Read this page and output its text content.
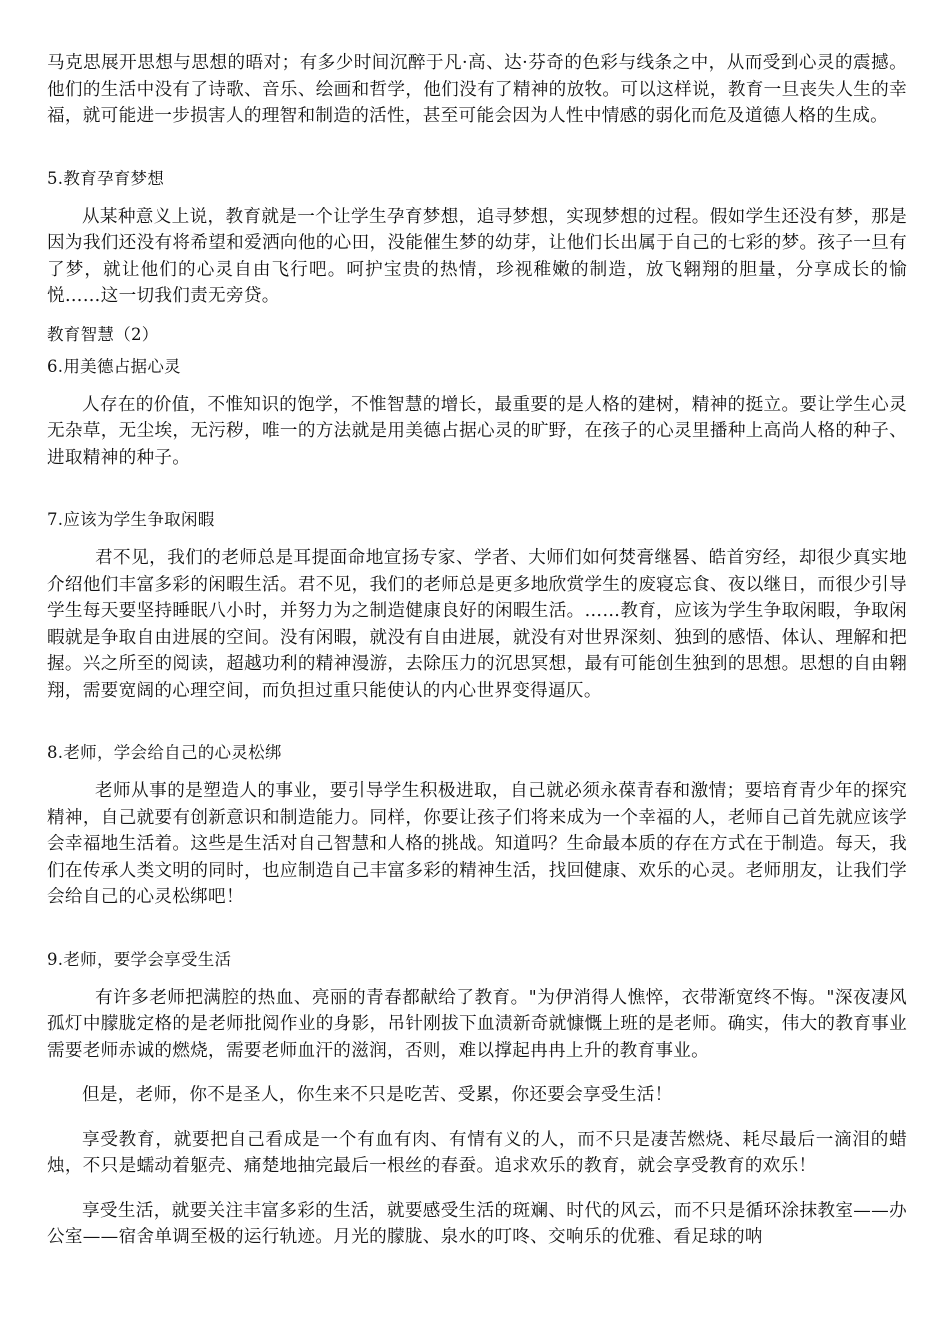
马克思展开思想与思想的晤对；有多少时间沉醉于凡·高、达·芬奇的色彩与线条之中，从而受到心灵的震撼。他们的生活中没有了诗歌、音乐、绘画和哲学，他们没有了精神的放牧。可以这样说，教育一旦丧失人生的幸福，就可能进一步损害人的理智和制造的活性，甚至可能会因为人性中情感的弱化而危及道德人格的生成。

5.教育孕育梦想

从某种意义上说，教育就是一个让学生孕育梦想，追寻梦想，实现梦想的过程。假如学生还没有梦，那是因为我们还没有将希望和爱洒向他的心田，没能催生梦的幼芽，让他们长出属于自己的七彩的梦。孩子一旦有了梦，就让他们的心灵自由飞行吧。呵护宝贵的热情，珍视稚嫩的制造，放飞翱翔的胆量，分享成长的愉悦……这一切我们责无旁贷。

教育智慧（2）

6.用美德占据心灵

人存在的价值，不惟知识的饱学，不惟智慧的增长，最重要的是人格的建树，精神的挺立。要让学生心灵无杂草，无尘埃，无污秽，唯一的方法就是用美德占据心灵的旷野，在孩子的心灵里播种上高尚人格的种子、进取精神的种子。

7.应该为学生争取闲暇

君不见，我们的老师总是耳提面命地宣扬专家、学者、大师们如何焚膏继晷、皓首穷经，却很少真实地介绍他们丰富多彩的闲暇生活。君不见，我们的老师总是更多地欣赏学生的废寝忘食、夜以继日，而很少引导学生每天要坚持睡眠八小时，并努力为之制造健康良好的闲暇生活。……教育，应该为学生争取闲暇，争取闲暇就是争取自由进展的空间。没有闲暇，就没有自由进展，就没有对世界深刻、独到的感悟、体认、理解和把握。兴之所至的阅读，超越功利的精神漫游，去除压力的沉思冥想，最有可能创生独到的思想。思想的自由翱翔，需要宽阔的心理空间，而负担过重只能使认的内心世界变得逼仄。

8.老师，学会给自己的心灵松绑

老师从事的是塑造人的事业，要引导学生积极进取，自己就必须永葆青春和激情；要培育青少年的探究精神，自己就要有创新意识和制造能力。同样，你要让孩子们将来成为一个幸福的人，老师自己首先就应该学会幸福地生活着。这些是生活对自己智慧和人格的挑战。知道吗？生命最本质的存在方式在于制造。每天，我们在传承人类文明的同时，也应制造自己丰富多彩的精神生活，找回健康、欢乐的心灵。老师朋友，让我们学会给自己的心灵松绑吧！

9.老师，要学会享受生活

有许多老师把满腔的热血、亮丽的青春都献给了教育。"为伊消得人憔悴，衣带渐宽终不悔。"深夜凄风孤灯中朦胧定格的是老师批阅作业的身影，吊针刚拔下血渍新奇就慷慨上班的是老师。确实，伟大的教育事业需要老师赤诚的燃烧，需要老师血汗的滋润，否则，难以撑起冉冉上升的教育事业。

但是，老师，你不是圣人，你生来不只是吃苦、受累，你还要会享受生活！

享受教育，就要把自己看成是一个有血有肉、有情有义的人，而不只是凄苦燃烧、耗尽最后一滴泪的蜡烛，不只是蠕动着躯壳、痛楚地抽完最后一根丝的春蚕。追求欢乐的教育，就会享受教育的欢乐！

享受生活，就要关注丰富多彩的生活，就要感受生活的斑斓、时代的风云，而不只是循环涂抹教室——办公室——宿舍单调至极的运行轨迹。月光的朦胧、泉水的叮咚、交响乐的优雅、看足球的呐
